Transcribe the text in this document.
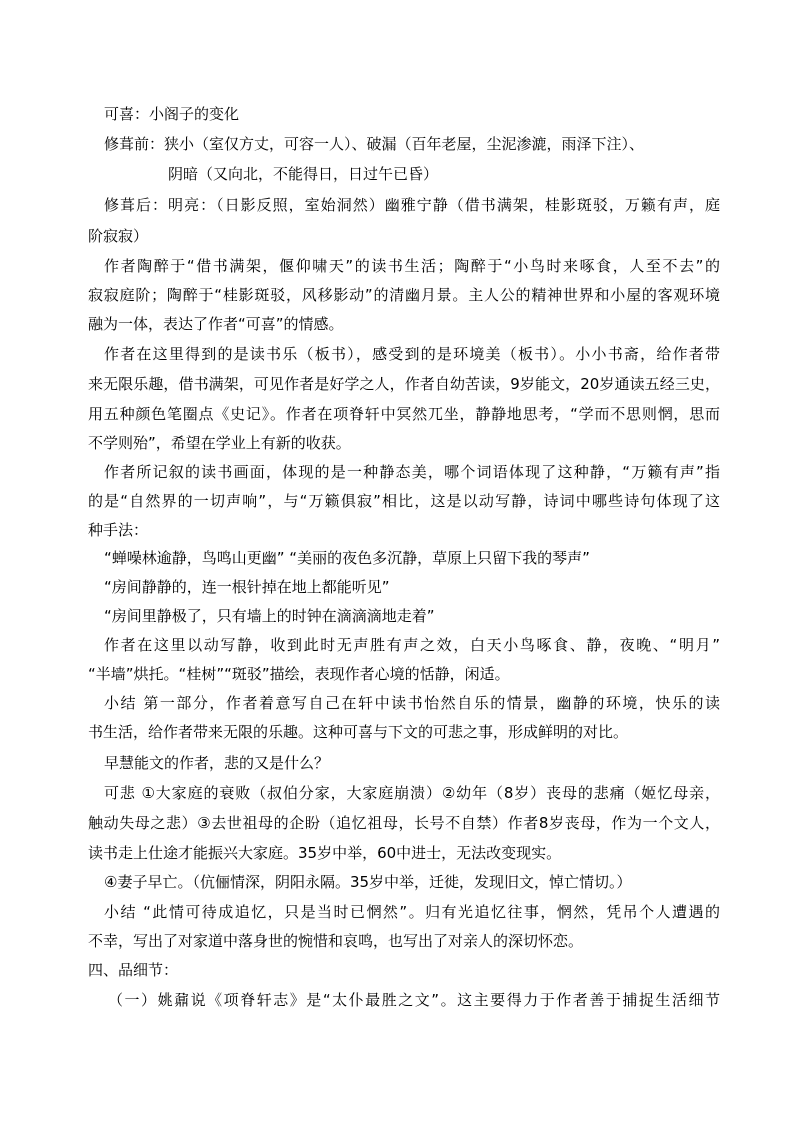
可喜：小阁子的变化
修葺前：狭小（室仅方丈，可容一人）、破漏（百年老屋，尘泥渗漉，雨泽下注）、
阴暗（又向北，不能得日，日过午已昏）
修葺后：明亮：（日影反照，室始洞然）幽雅宁静（借书满架，桂影斑驳，万籁有声，庭
阶寂寂）
作者陶醉于“借书满架，偃仰啸天”的读书生活；陶醉于“小鸟时来啄食，人至不去”的
寂寂庭阶；陶醉于“桂影斑驳，风移影动”的清幽月景。主人公的精神世界和小屋的客观环境
融为一体，表达了作者“可喜”的情感。
作者在这里得到的是读书乐（板书），感受到的是环境美（板书）。小小书斋，给作者带
来无限乐趣，借书满架，可见作者是好学之人，作者自幼苦读，9岁能文，20岁通读五经三史，
用五种颜色笔圈点《史记》。作者在项脊轩中冥然兀坐，静静地思考，“学而不思则惘，思而
不学则殆”，希望在学业上有新的收获。
作者所记叙的读书画面，体现的是一种静态美，哪个词语体现了这种静，“万籁有声”指
的是“自然界的一切声响”，与“万籁俱寂”相比，这是以动写静，诗词中哪些诗句体现了这
种手法：
“蝉噪林逾静，鸟鸣山更幽” “美丽的夜色多沉静，草原上只留下我的琴声”
“房间静静的，连一根针掉在地上都能听见”
“房间里静极了，只有墙上的时钟在滴滴滴地走着”
作者在这里以动写静，收到此时无声胜有声之效，白天小鸟啄食、静，夜晚、“明月”
“半墙”烘托。“桂树”“斑驳”描绘，表现作者心境的恬静，闲适。
小结 第一部分，作者着意写自己在轩中读书怡然自乐的情景，幽静的环境，快乐的读
书生活，给作者带来无限的乐趣。这种可喜与下文的可悲之事，形成鲜明的对比。
早慧能文的作者，悲的又是什么？
可悲 ①大家庭的衰败（叔伯分家，大家庭崩溃）②幼年（8岁）丧母的悲痛（姬忆母亲，
触动失母之悲）③去世祖母的企盼（追忆祖母，长号不自禁）作者8岁丧母，作为一个文人，
读书走上仕途才能振兴大家庭。35岁中举，60中进士，无法改变现实。
④妻子早亡。（伉俪情深，阴阳永隔。35岁中举，迁徙，发现旧文，悼亡情切。）
小结 “此情可待成追忆，只是当时已惘然”。归有光追忆往事，惘然，凭吊个人遭遇的
不幸，写出了对家道中落身世的惋惜和哀鸣，也写出了对亲人的深切怀恋。
四、品细节：
（一）姚鼐说《项脊轩志》是“太仆最胜之文”。这主要得力于作者善于捕捉生活细节
